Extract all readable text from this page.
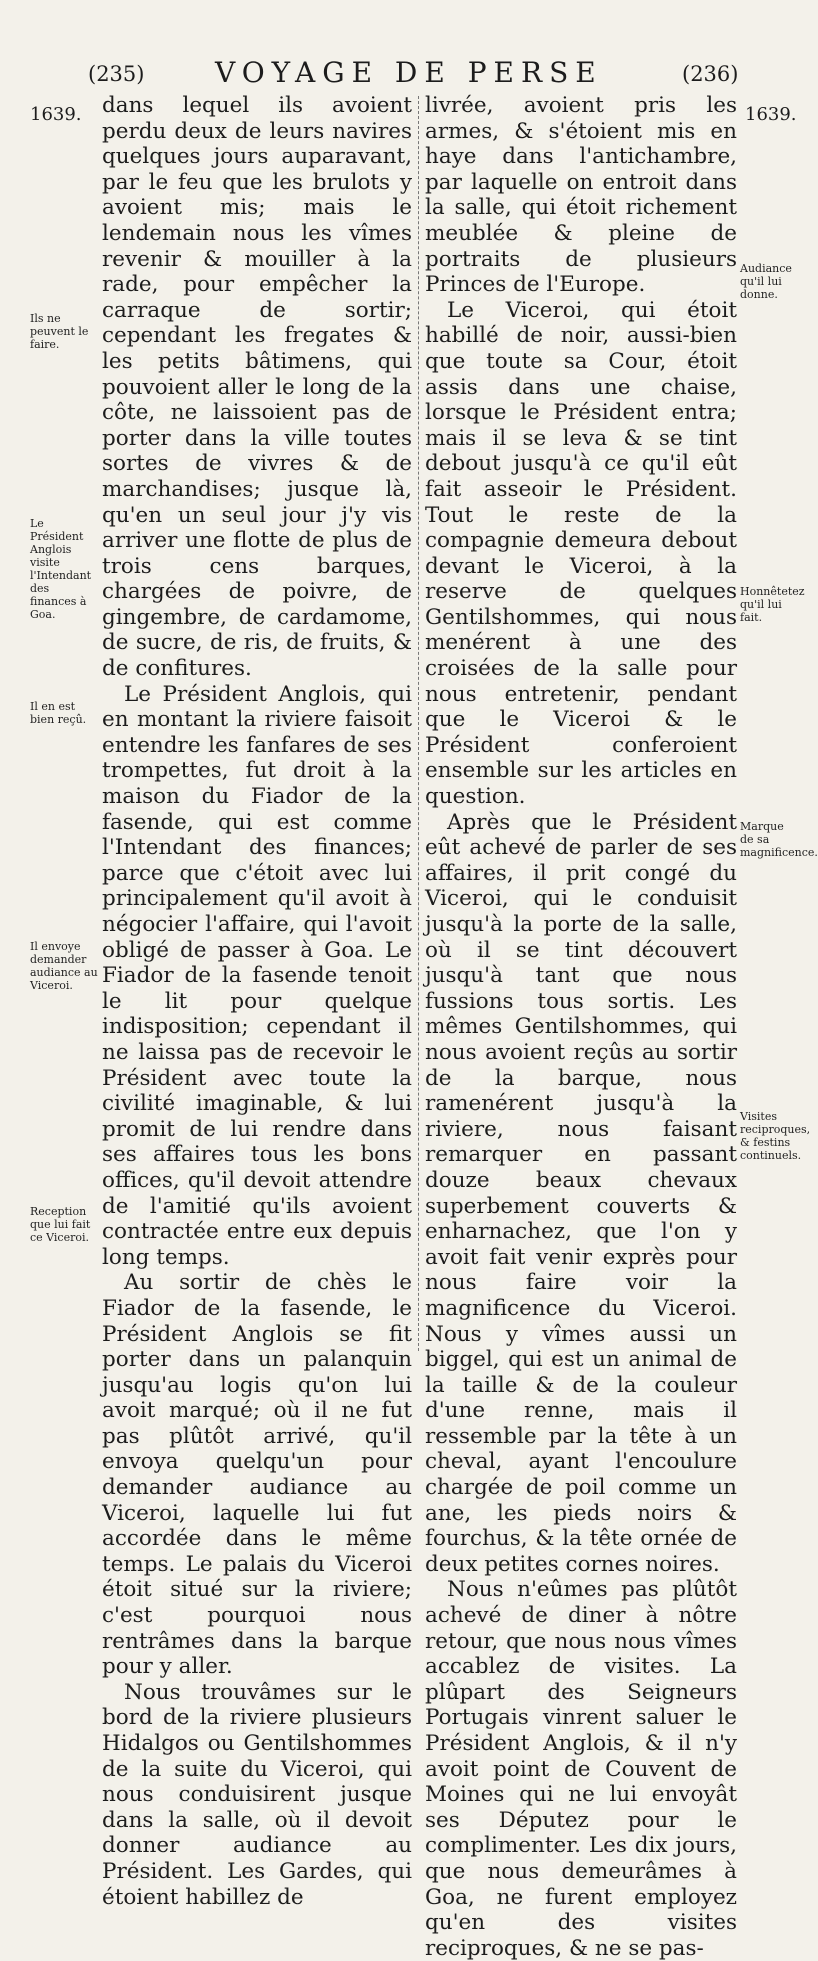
(235)	VOYAGE DE PERSE	(236)
1639.	1639.

dans lequel ils avoient perdu deux de leurs navires quelques jours auparavant, par le feu que les brulots y avoient mis; mais le lendemain nous les vîmes revenir & mouiller à la rade, pour empêcher la carraque de sortir; cependant les fregates & les petits bâtimens, qui pouvoient aller le long de la côte, ne laissoient pas de porter dans la ville toutes sortes de vivres & de marchandises; jusque là, qu'en un seul jour j'y vis arriver une flotte de plus de trois cens barques, chargées de poivre, de gingembre, de cardamome, de sucre, de ris, de fruits, & de confitures.

Le Président Anglois, qui en montant la riviere faisoit entendre les fanfares de ses trompettes, fut droit à la maison du Fiador de la fasende, qui est comme l'Intendant des finances; parce que c'étoit avec lui principalement qu'il avoit à négocier l'affaire, qui l'avoit obligé de passer à Goa. Le Fiador de la fasende tenoit le lit pour quelque indisposition; cependant il ne laissa pas de recevoir le Président avec toute la civilité imaginable, & lui promit de lui rendre dans ses affaires tous les bons offices, qu'il devoit attendre de l'amitié qu'ils avoient contractée entre eux depuis long temps.

Au sortir de chès le Fiador de la fasende, le Président Anglois se fit porter dans un palanquin jusqu'au logis qu'on lui avoit marqué; où il ne fut pas plûtôt arrivé, qu'il envoya quelqu'un pour demander audiance au Viceroi, laquelle lui fut accordée dans le même temps. Le palais du Viceroi étoit situé sur la riviere; c'est pourquoi nous rentrâmes dans la barque pour y aller.

Nous trouvâmes sur le bord de la riviere plusieurs Hidalgos ou Gentilshommes de la suite du Viceroi, qui nous conduisirent jusque dans la salle, où il devoit donner audiance au Président. Les Gardes, qui étoient habillez de

livrée, avoient pris les armes, & s'étoient mis en haye dans l'antichambre, par laquelle on entroit dans la salle, qui étoit richement meublée & pleine de portraits de plusieurs Princes de l'Europe.

Le Viceroi, qui étoit habillé de noir, aussi-bien que toute sa Cour, étoit assis dans une chaise, lorsque le Président entra; mais il se leva & se tint debout jusqu'à ce qu'il eût fait asseoir le Président. Tout le reste de la compagnie demeura debout devant le Viceroi, à la reserve de quelques Gentilshommes, qui nous menérent à une des croisées de la salle pour nous entretenir, pendant que le Viceroi & le Président conferoient ensemble sur les articles en question.

Après que le Président eût achevé de parler de ses affaires, il prit congé du Viceroi, qui le conduisit jusqu'à la porte de la salle, où il se tint découvert jusqu'à tant que nous fussions tous sortis. Les mêmes Gentilshommes, qui nous avoient reçûs au sortir de la barque, nous ramenérent jusqu'à la riviere, nous faisant remarquer en passant douze beaux chevaux superbement couverts & enharnachez, que l'on y avoit fait venir exprès pour nous faire voir la magnificence du Viceroi. Nous y vîmes aussi un biggel, qui est un animal de la taille & de la couleur d'une renne, mais il ressemble par la tête à un cheval, ayant l'encoulure chargée de poil comme un ane, les pieds noirs & fourchus, & la tête ornée de deux petites cornes noires.

Nous n'eûmes pas plûtôt achevé de diner à nôtre retour, que nous nous vîmes accablez de visites. La plûpart des Seigneurs Portugais vinrent saluer le Président Anglois, & il n'y avoit point de Couvent de Moines qui ne lui envoyât ses Députez pour le complimenter. Les dix jours, que nous demeurâmes à Goa, ne furent employez qu'en des visites reciproques, & ne se pas-

Ils ne peuvent le faire.
Le Président Anglois visite l'Intendant des finances à Goa.
Il en est bien reçû.
Il envoye demander audiance au Viceroi.
Reception que lui fait ce Viceroi.
Audiance qu'il lui donne.
Honnêtetez qu'il lui fait.
Marque de sa magnificence.
Visites reciproques, & festins continuels.
